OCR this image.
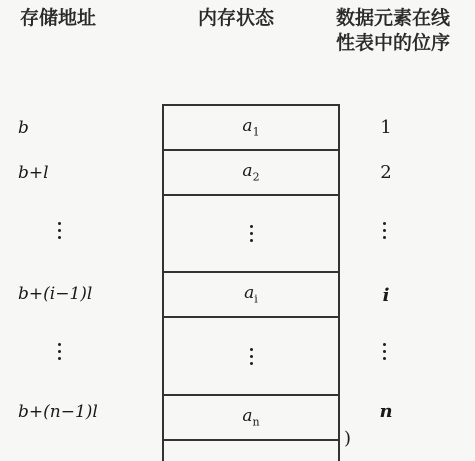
存储地址	内存状态	数据元素在线
性表中的位序
b
b+l
b+(i−1)l
b+(n−1)l
$a_1$
$a_2$
$a_i$
$a_n$
1
2
i
n
)
